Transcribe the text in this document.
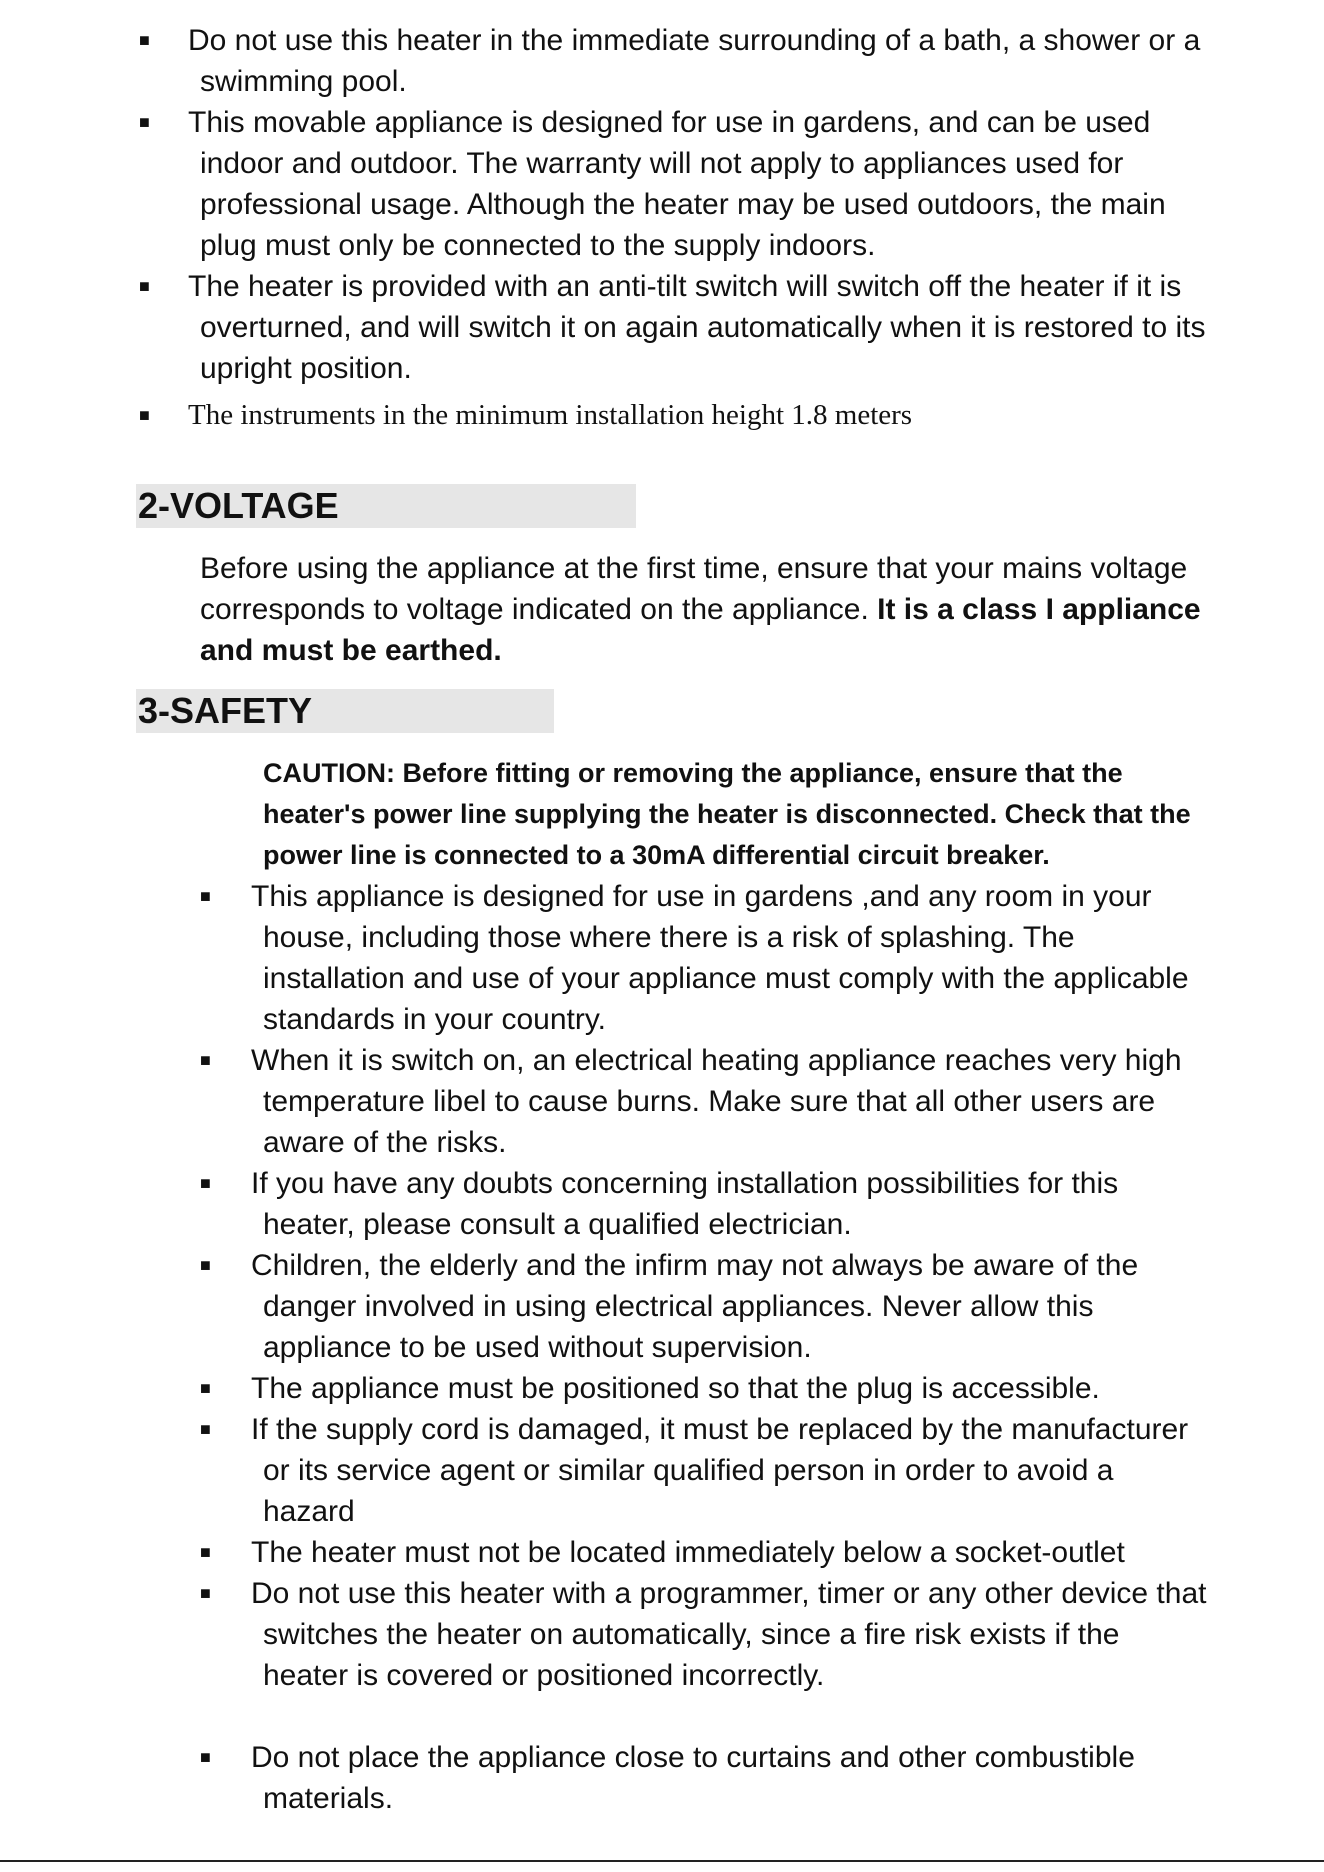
■ Do not use this heater in the immediate surrounding of a bath, a shower or a swimming pool.
■ This movable appliance is designed for use in gardens, and can be used indoor and outdoor. The warranty will not apply to appliances used for professional usage. Although the heater may be used outdoors, the main plug must only be connected to the supply indoors.
■ The heater is provided with an anti-tilt switch will switch off the heater if it is overturned, and will switch it on again automatically when it is restored to its upright position.
■ The instruments in the minimum installation height 1.8 meters
2-VOLTAGE

Before using the appliance at the first time, ensure that your mains voltage corresponds to voltage indicated on the appliance. It is a class I appliance and must be earthed.

3-SAFETY

CAUTION: Before fitting or removing the appliance, ensure that the heater's power line supplying the heater is disconnected. Check that the power line is connected to a 30mA differential circuit breaker.

■ This appliance is designed for use in gardens ,and any room in your house, including those where there is a risk of splashing. The installation and use of your appliance must comply with the applicable standards in your country.
■ When it is switch on, an electrical heating appliance reaches very high temperature libel to cause burns. Make sure that all other users are aware of the risks.
■ If you have any doubts concerning installation possibilities for this heater, please consult a qualified electrician.
■ Children, the elderly and the infirm may not always be aware of the danger involved in using electrical appliances. Never allow this appliance to be used without supervision.
■ The appliance must be positioned so that the plug is accessible.
■ If the supply cord is damaged, it must be replaced by the manufacturer or its service agent or similar qualified person in order to avoid a hazard
■ The heater must not be located immediately below a socket-outlet
■ Do not use this heater with a programmer, timer or any other device that switches the heater on automatically, since a fire risk exists if the heater is covered or positioned incorrectly.
■ Do not place the appliance close to curtains and other combustible materials.
